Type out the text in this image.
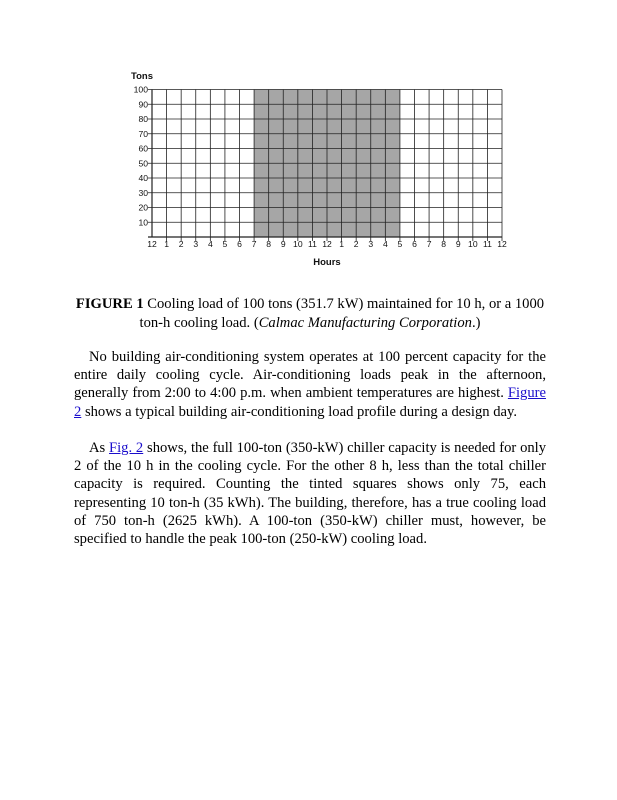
10
20
30
40
50
60
70
80
90
100
12 1 2 3 4 5 6 7 8 9 10 11 12 1 2 3 4 5 6 7 8 9 10 11 12
Tons
Hours

FIGURE 1 Cooling load of 100 tons (351.7 kW) maintained for 10 h, or a 1000 ton-h cooling load. (Calmac Manufacturing Corporation.)

No building air-conditioning system operates at 100 percent capacity for the entire daily cooling cycle. Air-conditioning loads peak in the afternoon, generally from 2:00 to 4:00 p.m. when ambient temperatures are highest. Figure 2 shows a typical building air-conditioning load profile during a design day.

As Fig. 2 shows, the full 100-ton (350-kW) chiller capacity is needed for only 2 of the 10 h in the cooling cycle. For the other 8 h, less than the total chiller capacity is required. Counting the tinted squares shows only 75, each representing 10 ton-h (35 kWh). The building, therefore, has a true cooling load of 750 ton-h (2625 kWh). A 100-ton (350-kW) chiller must, however, be specified to handle the peak 100-ton (250-kW) cooling load.
